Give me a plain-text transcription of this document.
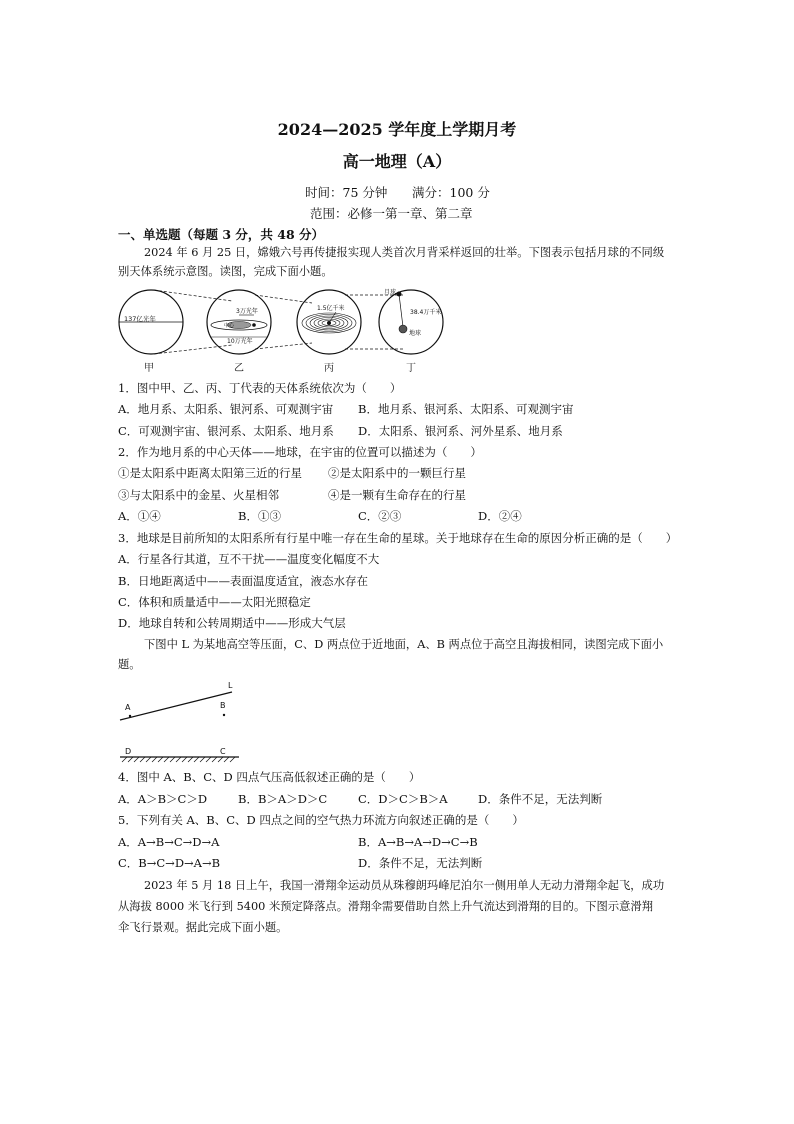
2024—2025 学年度上学期月考
高一地理（A）
时间：75 分钟 满分：100 分
范围：必修一第一章、第二章
一、单选题（每题 3 分，共 48 分）
2024 年 6 月 25 日，嫦娥六号再传捷报实现人类首次月背采样返回的壮举。下图表示包括月球的不同级
别天体系统示意图。读图，完成下面小题。
137亿光年
3万光年
中心
10万光年
1.5亿千米
月球
38.4万千米
地球
甲	乙	丙	丁
1．图中甲、乙、丙、丁代表的天体系统依次为（　　）
A．地月系、太阳系、银河系、可观测宇宙 B．地月系、银河系、太阳系、可观测宇宙
C．可观测宇宙、银河系、太阳系、地月系 D．太阳系、银河系、河外星系、地月系
2．作为地月系的中心天体——地球，在宇宙的位置可以描述为（　　）
①是太阳系中距离太阳第三近的行星 ②是太阳系中的一颗巨行星
③与太阳系中的金星、火星相邻	④是一颗有生命存在的行星
A．①④	B．①③	C．②③	D．②④
3．地球是目前所知的太阳系所有行星中唯一存在生命的星球。关于地球存在生命的原因分析正确的是（　　）
A．行星各行其道，互不干扰——温度变化幅度不大
B．日地距离适中——表面温度适宜，液态水存在
C．体积和质量适中——太阳光照稳定
D．地球自转和公转周期适中——形成大气层
下图中 L 为某地高空等压面，C、D 两点位于近地面，A、B 两点位于高空且海拔相同，读图完成下面小
题。
L
A	B
D	C
4．图中 A、B、C、D 四点气压高低叙述正确的是（　　）
A．A＞B＞C＞D	B．B＞A＞D＞C	C．D＞C＞B＞A	D．条件不足，无法判断
5．下列有关 A、B、C、D 四点之间的空气热力环流方向叙述正确的是（　　）
A．A→B→C→D→A	B．A→B→A→D→C→B
C．B→C→D→A→B	D．条件不足，无法判断
2023 年 5 月 18 日上午，我国一滑翔伞运动员从珠穆朗玛峰尼泊尔一侧用单人无动力滑翔伞起飞，成功
从海拔 8000 米飞行到 5400 米预定降落点。滑翔伞需要借助自然上升气流达到滑翔的目的。下图示意滑翔
伞飞行景观。据此完成下面小题。
